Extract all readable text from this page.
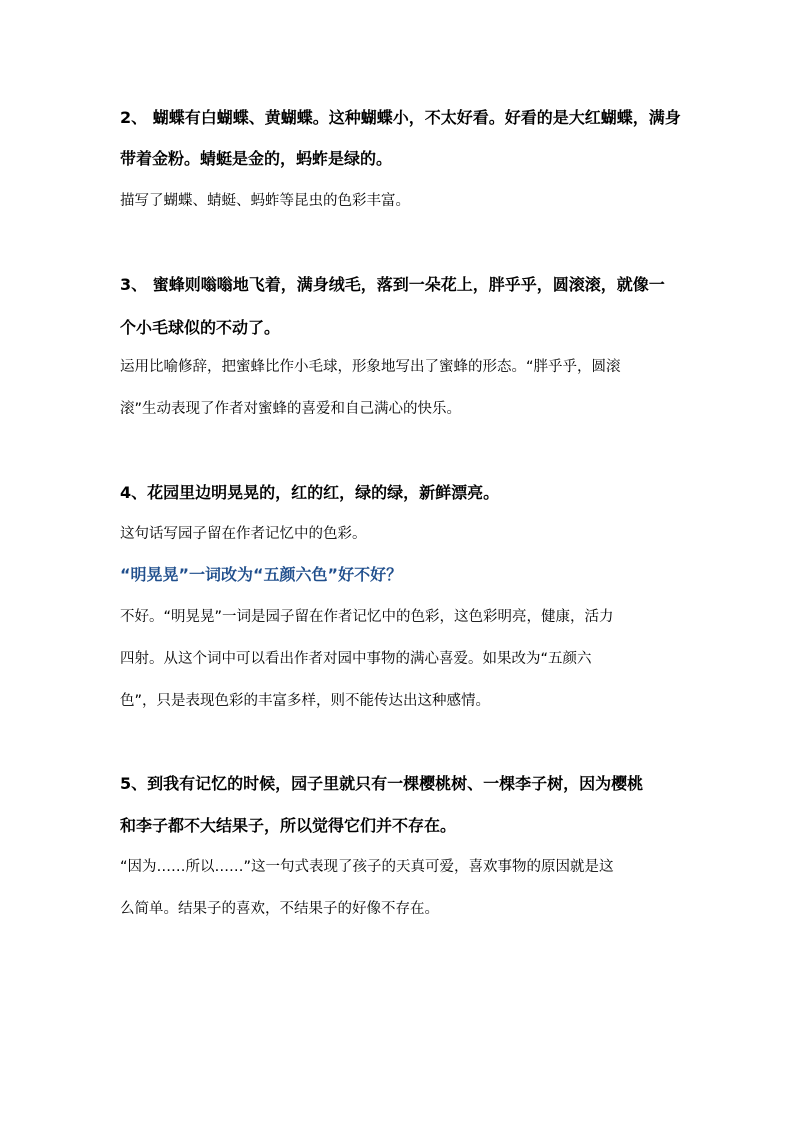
2、 蝴蝶有白蝴蝶、黄蝴蝶。这种蝴蝶小，不太好看。好看的是大红蝴蝶，满身
带着金粉。蜻蜓是金的，蚂蚱是绿的。
描写了蝴蝶、蜻蜓、蚂蚱等昆虫的色彩丰富。
3、 蜜蜂则嗡嗡地飞着，满身绒毛，落到一朵花上，胖乎乎，圆滚滚，就像一
个小毛球似的不动了。
运用比喻修辞，把蜜蜂比作小毛球，形象地写出了蜜蜂的形态。“胖乎乎，圆滚
滚”生动表现了作者对蜜蜂的喜爱和自己满心的快乐。
4、花园里边明晃晃的，红的红，绿的绿，新鲜漂亮。
这句话写园子留在作者记忆中的色彩。
“明晃晃”一词改为“五颜六色”好不好？
不好。“明晃晃”一词是园子留在作者记忆中的色彩，这色彩明亮，健康，活力
四射。从这个词中可以看出作者对园中事物的满心喜爱。如果改为“五颜六
色”，只是表现色彩的丰富多样，则不能传达出这种感情。
5、到我有记忆的时候，园子里就只有一棵樱桃树、一棵李子树，因为樱桃
和李子都不大结果子，所以觉得它们并不存在。
“因为……所以……”这一句式表现了孩子的天真可爱，喜欢事物的原因就是这
么简单。结果子的喜欢，不结果子的好像不存在。
